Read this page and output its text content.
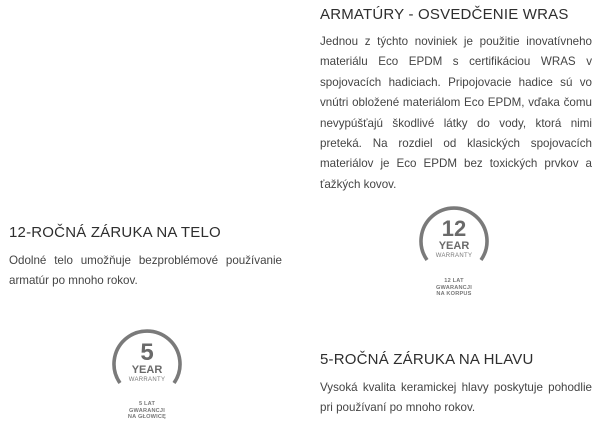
ARMATÚRY - OSVEDČENIE WRAS

Jednou z týchto noviniek je použitie inovatívneho materiálu Eco EPDM s certifikáciou WRAS v spojovacích hadiciach. Pripojovacie hadice sú vo vnútri obložené materiálom Eco EPDM, vďaka čomu nevypúšťajú škodlivé látky do vody, ktorá nimi preteká. Na rozdiel od klasických spojovacích materiálov je Eco EPDM bez toxických prvkov a ťažkých kovov.

12-ROČNÁ ZÁRUKA NA TELO

Odolné telo umožňuje bezproblémové používanie armatúr po mnoho rokov.

5-ROČNÁ ZÁRUKA NA HLAVU

Vysoká kvalita keramickej hlavy poskytuje pohodlie pri používaní po mnoho rokov.

12
YEAR
WARRANTY
12 LAT
GWARANCJI
NA KORPUS
5
YEAR
WARRANTY
5 LAT
GWARANCJI
NA GŁOWICĘ
